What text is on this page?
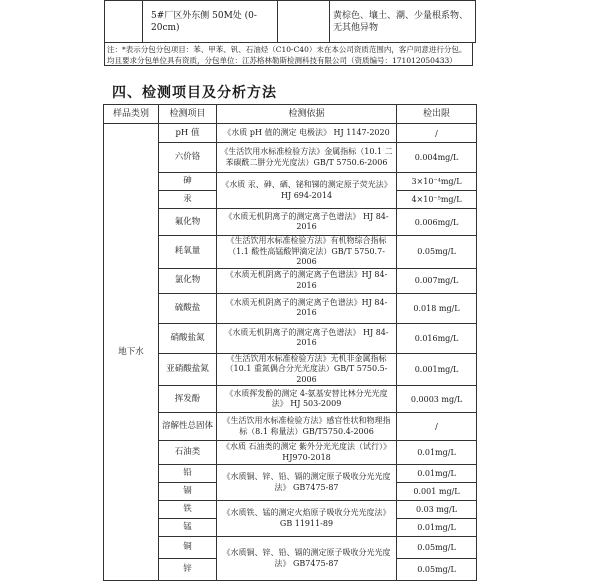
	5#厂区外东侧 50M处 (0-20cm)		黄棕色、壤土、潮、少量根系物、无其他异物
注：*表示分包分包项目：苯、甲苯、钒、石油烃（C10-C40）未在本公司资质范围内，客户同意进行分包。均且要求分包单位具有资质，分包单位：江苏格林勒斯检测科技有限公司（资质编号：171012050433）
四、检测项目及分析方法
样品类别	检测项目	检测依据	检出限
地下水	pH 值	《水质 pH 值的测定 电极法》 HJ 1147-2020	/
	六价铬	《生活饮用水标准检验方法》金属指标（10.1 二苯碳酰二肼分光光度法）GB/T 5750.6-2006	0.004mg/L
	砷	《水质 汞、砷、硒、铋和锑的测定原子荧光法》 HJ 694-2014	3×10⁻⁴mg/L
	汞		4×10⁻⁵mg/L
	氟化物	《水质无机阴离子的测定离子色谱法》 HJ 84-2016	0.006mg/L
	耗氧量	《生活饮用水标准检验方法》有机物综合指标（1.1 酸性高锰酸钾滴定法）GB/T 5750.7-2006	0.05mg/L
	氯化物	《水质无机阴离子的测定离子色谱法》HJ 84-2016	0.007mg/L
	硫酸盐	《水质无机阴离子的测定离子色谱法》HJ 84-2016	0.018 mg/L
	硝酸盐氮	《水质无机阴离子的测定离子色谱法》 HJ 84-2016	0.016mg/L
	亚硝酸盐氮	《生活饮用水标准检验方法》无机非金属指标（10.1 重氮偶合分光光度法）GB/T 5750.5-2006	0.001mg/L
	挥发酚	《水质挥发酚的测定 4-氨基安替比林分光光度法》 HJ 503-2009	0.0003 mg/L
	溶解性总固体	《生活饮用水标准检验方法》感官性状和物理指标（8.1 称量法）GB/T5750.4-2006	/
	石油类	《水质 石油类的测定 紫外分光光度法（试行）》 HJ970-2018	0.01mg/L
	铅	《水质铜、锌、铅、镉的测定原子吸收分光光度法》 GB7475-87	0.01mg/L
	镉		0.001 mg/L
	铁	《水质铁、锰的测定火焰原子吸收分光光度法》 GB 11911-89	0.03 mg/L
	锰		0.01mg/L
	铜	《水质铜、锌、铅、镉的测定原子吸收分光光度法》 GB7475-87	0.05mg/L
	锌		0.05mg/L
